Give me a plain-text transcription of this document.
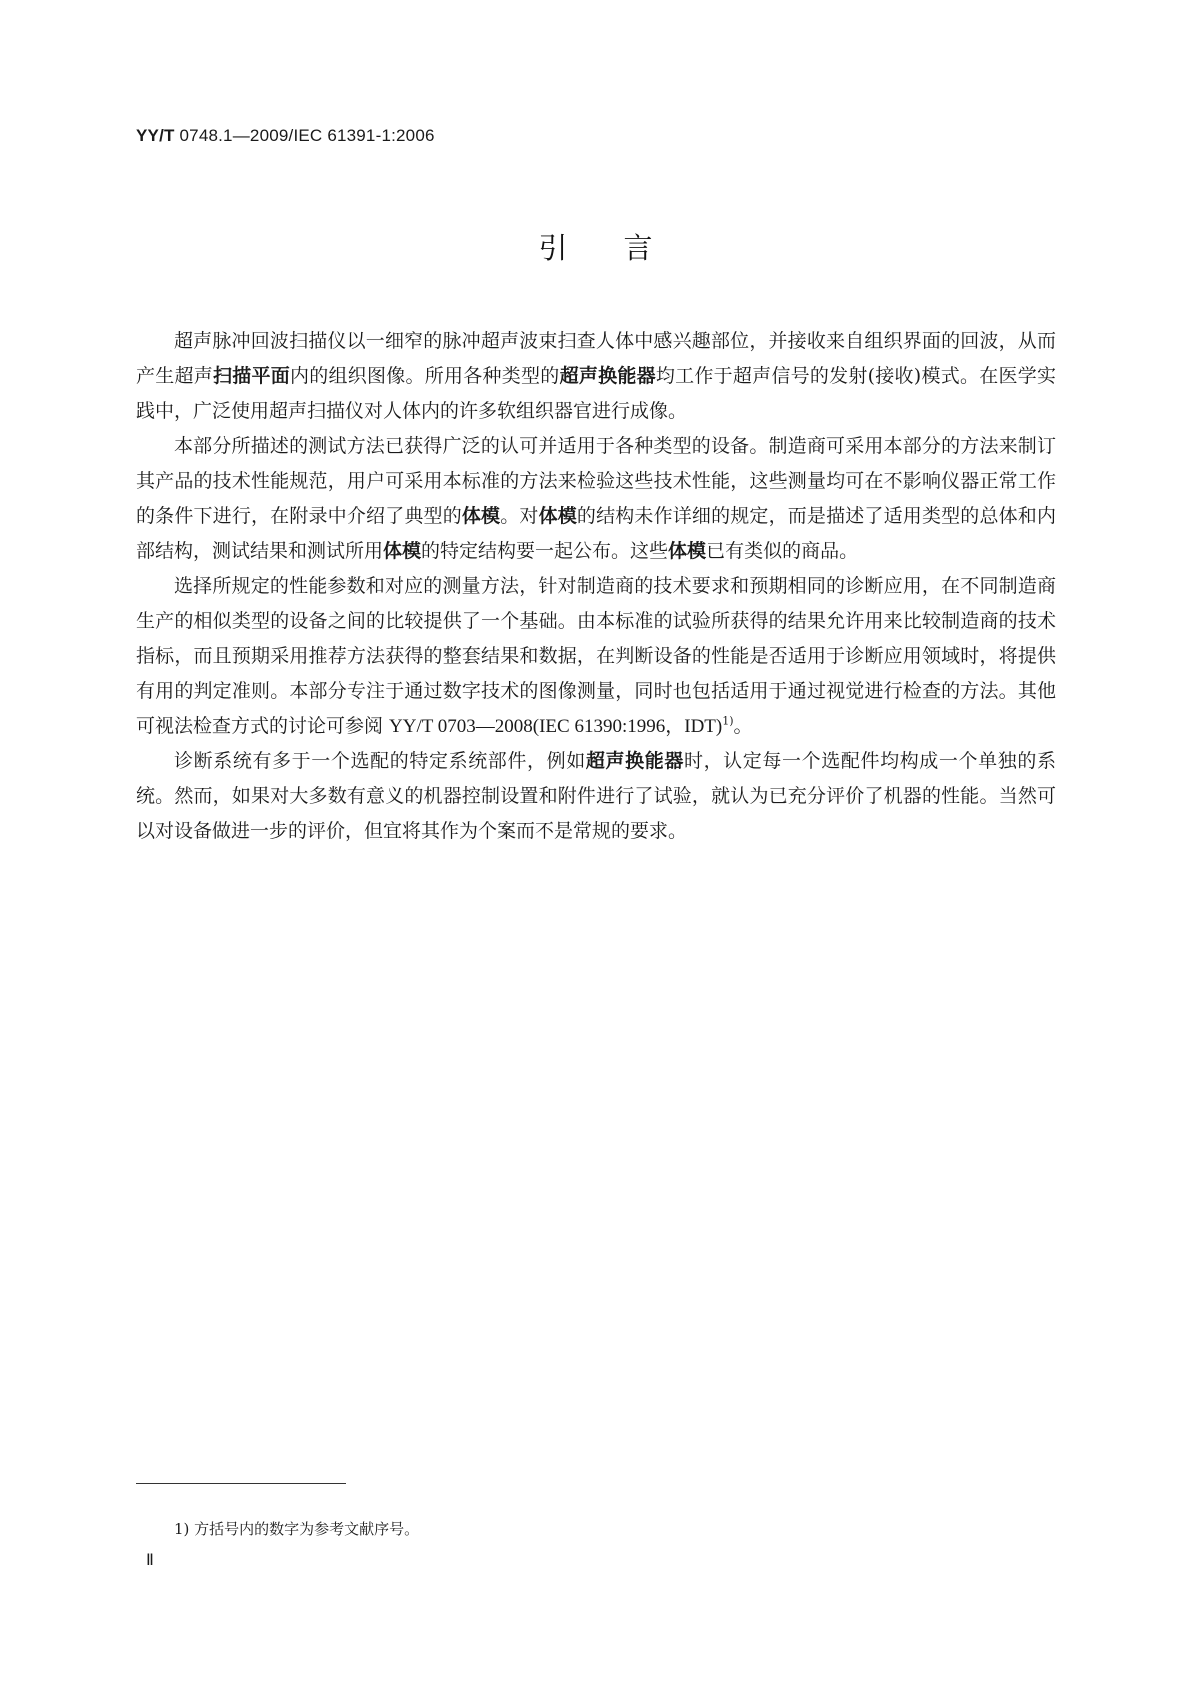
YY/T 0748.1—2009/IEC 61391-1:2006
引言

超声脉冲回波扫描仪以一细窄的脉冲超声波束扫查人体中感兴趣部位，并接收来自组织界面的回波，从而产生超声扫描平面内的组织图像。所用各种类型的超声换能器均工作于超声信号的发射(接收)模式。在医学实践中，广泛使用超声扫描仪对人体内的许多软组织器官进行成像。

本部分所描述的测试方法已获得广泛的认可并适用于各种类型的设备。制造商可采用本部分的方法来制订其产品的技术性能规范，用户可采用本标准的方法来检验这些技术性能，这些测量均可在不影响仪器正常工作的条件下进行，在附录中介绍了典型的体模。对体模的结构未作详细的规定，而是描述了适用类型的总体和内部结构，测试结果和测试所用体模的特定结构要一起公布。这些体模已有类似的商品。

选择所规定的性能参数和对应的测量方法，针对制造商的技术要求和预期相同的诊断应用，在不同制造商生产的相似类型的设备之间的比较提供了一个基础。由本标准的试验所获得的结果允许用来比较制造商的技术指标，而且预期采用推荐方法获得的整套结果和数据，在判断设备的性能是否适用于诊断应用领域时，将提供有用的判定准则。本部分专注于通过数字技术的图像测量，同时也包括适用于通过视觉进行检查的方法。其他可视法检查方式的讨论可参阅 YY/T 0703—2008(IEC 61390:1996，IDT)$^{1)}$。

诊断系统有多于一个选配的特定系统部件，例如超声换能器时，认定每一个选配件均构成一个单独的系统。然而，如果对大多数有意义的机器控制设置和附件进行了试验，就认为已充分评价了机器的性能。当然可以对设备做进一步的评价，但宜将其作为个案而不是常规的要求。

1) 方括号内的数字为参考文献序号。
Ⅱ
